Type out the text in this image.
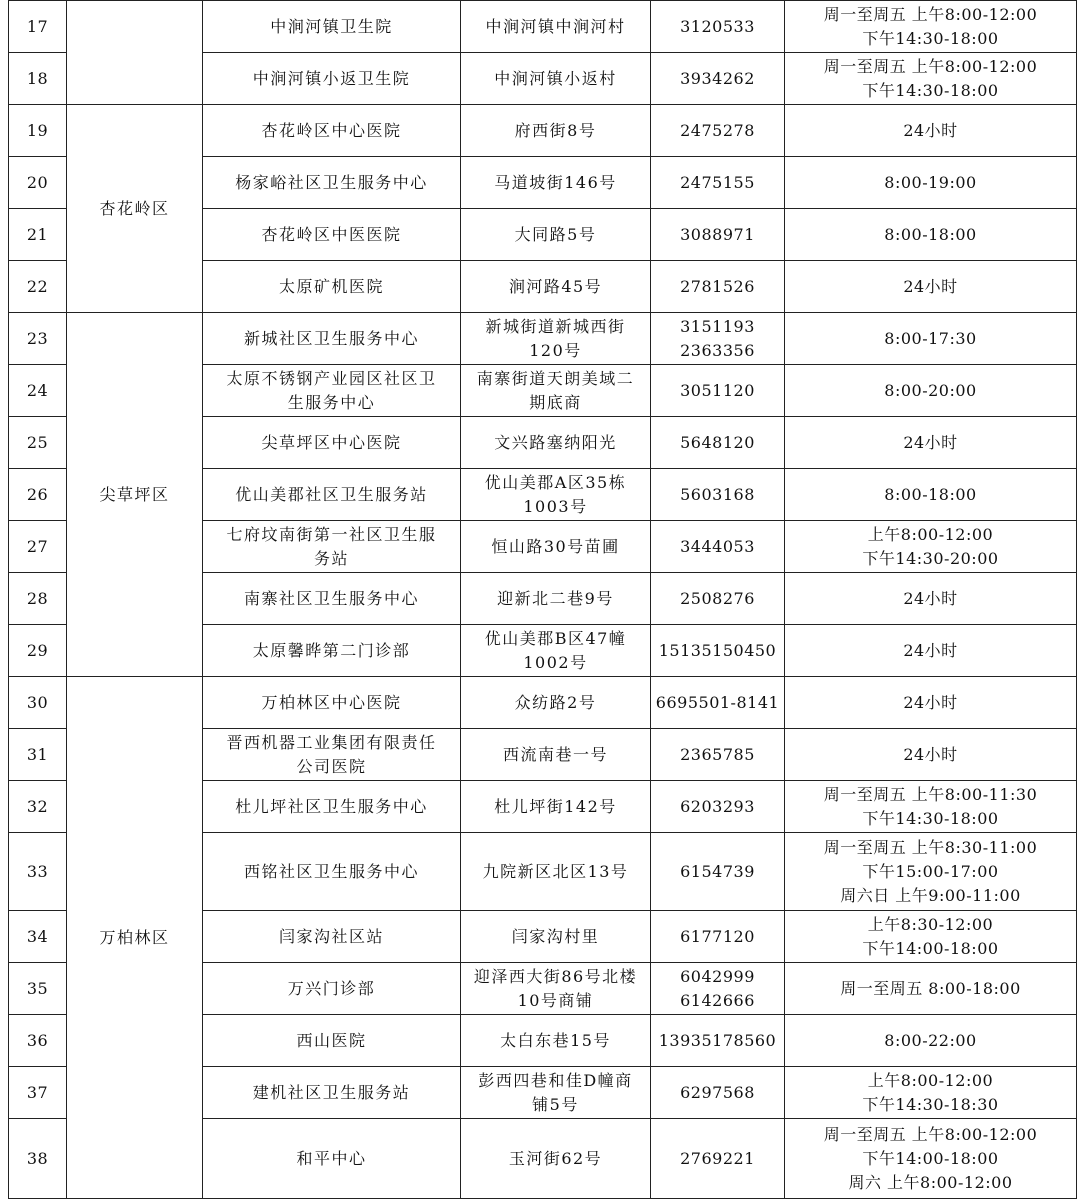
17		中涧河镇卫生院	中涧河镇中涧河村	3120533	周一至周五 上午8:00-12:00
下午14:30-18:00

18		中涧河镇小返卫生院	中涧河镇小返村	3934262	周一至周五 上午8:00-12:00
下午14:30-18:00

19	杏花岭区	杏花岭区中心医院	府西街8号	2475278	24小时

20		杨家峪社区卫生服务中心	马道坡街146号	2475155	8:00-19:00

21		杏花岭区中医医院	大同路5号	3088971	8:00-18:00

22		太原矿机医院	涧河路45号	2781526	24小时

23	尖草坪区	新城社区卫生服务中心	新城街道新城西街
120号	3151193
2363356	8:00-17:30

24		太原不锈钢产业园区社区卫
生服务中心	南寨街道天朗美域二
期底商	3051120	8:00-20:00

25		尖草坪区中心医院	文兴路塞纳阳光	5648120	24小时

26		优山美郡社区卫生服务站	优山美郡A区35栋
1003号	5603168	8:00-18:00

27		七府坟南街第一社区卫生服
务站	恒山路30号苗圃	3444053	上午8:00-12:00
下午14:30-20:00

28		南寨社区卫生服务中心	迎新北二巷9号	2508276	24小时

29		太原馨晔第二门诊部	优山美郡B区47幢
1002号	15135150450	24小时

30	万柏林区	万柏林区中心医院	众纺路2号	6695501-8141	24小时

31		晋西机器工业集团有限责任
公司医院	西流南巷一号	2365785	24小时

32		杜儿坪社区卫生服务中心	杜儿坪街142号	6203293	周一至周五 上午8:00-11:30
下午14:30-18:00

33		西铭社区卫生服务中心	九院新区北区13号	6154739	周一至周五 上午8:30-11:00
下午15:00-17:00
周六日 上午9:00-11:00

34		闫家沟社区站	闫家沟村里	6177120	上午8:30-12:00
下午14:00-18:00

35		万兴门诊部	迎泽西大街86号北楼
10号商铺	6042999
6142666	周一至周五 8:00-18:00

36		西山医院	太白东巷15号	13935178560	8:00-22:00

37		建机社区卫生服务站	彭西四巷和佳D幢商
铺5号	6297568	上午8:00-12:00
下午14:30-18:30

38		和平中心	玉河街62号	2769221	周一至周五 上午8:00-12:00
下午14:00-18:00
周六 上午8:00-12:00
